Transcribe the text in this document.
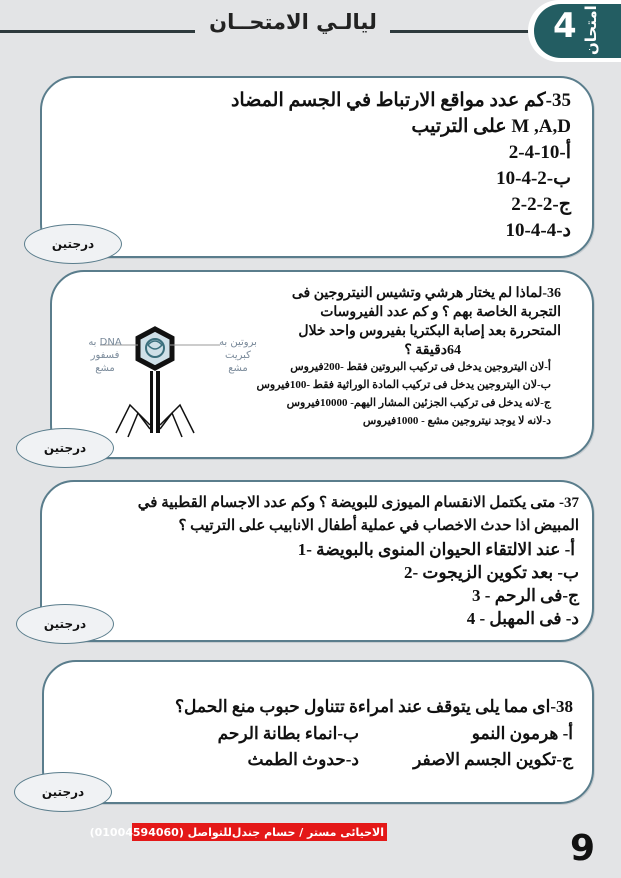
ليالـي الامتحــان	4 امتحان
35-كم عدد مواقع الارتباط في الجسم المضاد
M ,A,D على الترتيب
أ-10-4-2
ب-2-4-10
ج-2-2-2
د-4-4-10
درجتين
36-لماذا لم يختار هرشي وتشيس النيتروجين فى
التجربة الخاصة بهم ؟ و كم عدد الفيروسات
المتحررة بعد إصابة البكتريا بفيروس واحد خلال
64دقيقة ؟
أ-لان اليتروجين يدخل فى تركيب البروتين فقط -200فيروس
ب-لان اليتروجين يدخل فى تركيب المادة الوراثية فقط -100فيروس
ج-لانه يدخل فى تركيب الجزئين المشار اليهم- 10000فيروس
د-لانه لا يوجد نيتروجين مشع - 1000فيروس
DNA به
فسفور
مشع
بروتين به
كبريت
مشع
درجتين
37- متى يكتمل الانقسام الميوزى للبويضة ؟ وكم عدد الاجسام القطبية في
المبيض اذا حدث الاخصاب في عملية أطفال الانابيب على الترتيب ؟
أ- عند الالتقاء الحيوان المنوى بالبويضة -1
ب- بعد تكوين الزيجوت -2
ج-فى الرحم - 3
د- فى المهبل - 4
درجتين
38-اى مما يلى يتوقف عند امراءة تتناول حبوب منع الحمل؟
أ- هرمون النمو
ب-انماء بطانة الرحم
ج-تكوين الجسم الاصفر
د-حدوث الطمث
درجتين
الاحيائى مستر / حسام جندل
للتواصل (01004594060)	9
